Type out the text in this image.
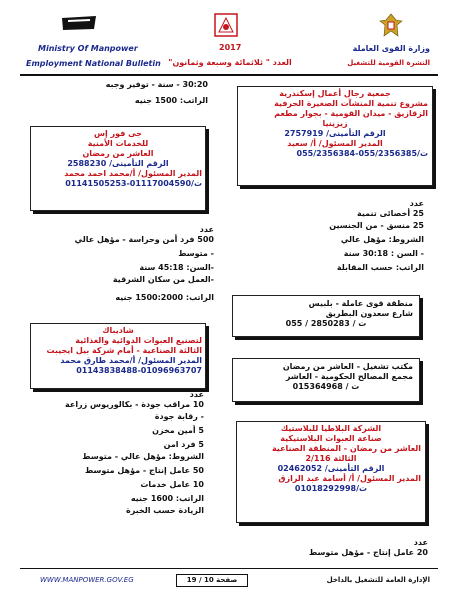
Ministry Of Manpower
Employment National Bulletin
2017
العدد " ثلاثمائة وسبعة وثمانون"
وزارة القوى العاملة
النشرة القومية للتشغيل
30:20 - سنة - توفير وجبه
الراتب: 1500 جنيه
جى فور إس
للخدمات الأمنية
العاشر من رمضان
الرقم التأمينى/ 2588230
المدير المسئول/ أ/محمد احمد محمد
ت/01117004590-01141505253
عدد
500 فرد أمن وحراسة - مؤهل عالي
- متوسط
-السن: 45:18 سنة
-العمل من سكان الشرقية
الراتب: 1500:2000 جنيه
شاديباك
لتصنيع العبوات الدوائية والغذائية
الثالثة الصناعية - أمام شركة بيل ايجيبت
المدير المسئول/ أ/محمد طارق محمد
01143838488-01096963707
عدد
10 مراقب جودة - بكالوريوس زراعة
- رقابة جودة
5 أمين مخزن
5 فرد امن
الشروط: مؤهل عالي - متوسط
50 عامل إنتاج - مؤهل متوسط
10 عامل خدمات
الراتب: 1600 جنيه
الزيادة حسب الخبرة
جمعية رجال أعمال إسكندرية
مشروع تنمية المنشآت الصغيرة الحرفية
الزقازيق - ميدان القومية - بجوار مطعم
زيزينيا
الرقم التأمينى/ 2757919
المدير المسئول/ أ/ سعيد
ت/055/2356385-055/2356384
عدد
25 أخصائى تنمية
25 منسق - من الجنسين
الشروط: مؤهل عالي
- السن : 30:18 سنة
الراتب: حسب المقابلة
منطقة قوى عاملة - بلبيس
شارع سعدون البطريق
ت / 2850283 / 055
مكتب تشغيل - العاشر من رمضان
مجمع المصالح الحكومية - العاشر
ت / 015364968
الشركة البلاطيا للبلاستيك
صناعة العبوات البلاستيكية
العاشر من رمضان - المنطقة الصناعية
الثالثة 2/116
الرقم التأمينى/ 02462052
المدير المسئول/ أ/ أسامة عبد الرازق
ت/01018292998
عدد
20 عامل إنتاج - مؤهل متوسط
WWW.MANPOWER.GOV.EG	صفحة 10 / 19	الإدارة العامة للتشغيل بالداخل
